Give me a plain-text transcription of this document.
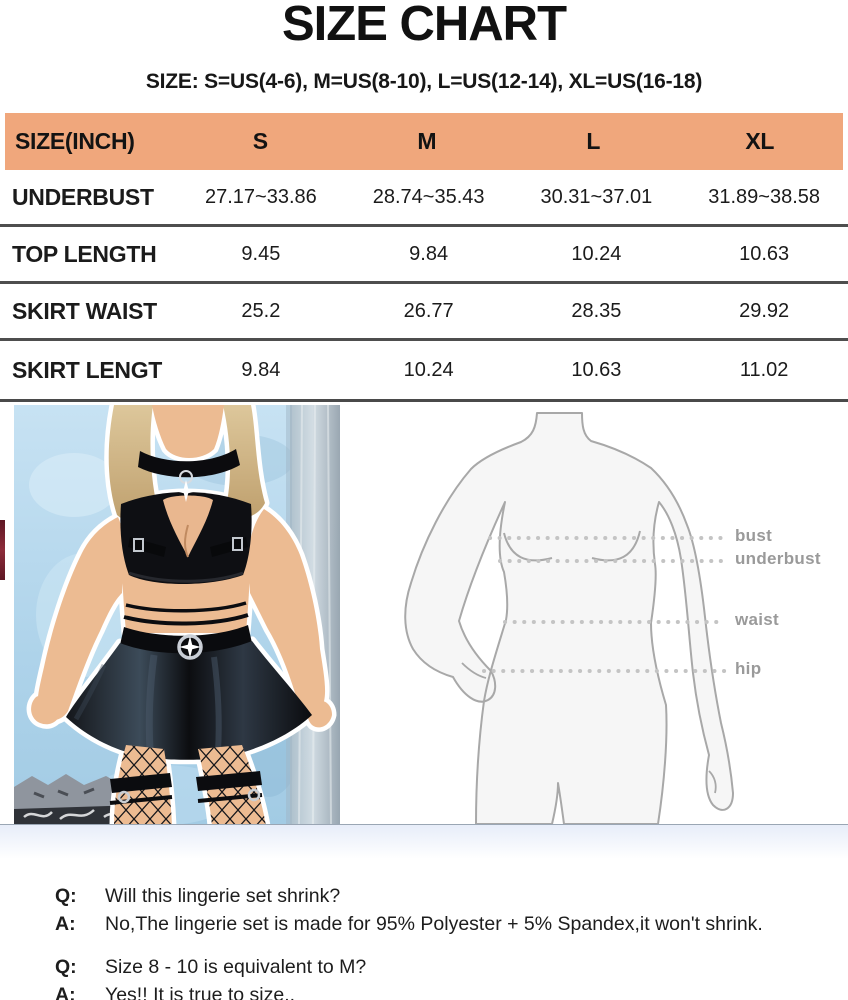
SIZE CHART
SIZE: S=US(4-6), M=US(8-10), L=US(12-14), XL=US(16-18)
SIZE(INCH)	S	M	L	XL
UNDERBUST	27.17~33.86	28.74~35.43	30.31~37.01	31.89~38.58
TOP LENGTH	9.45	9.84	10.24	10.63
SKIRT WAIST	25.2	26.77	28.35	29.92
SKIRT LENGT	9.84	10.24	10.63	11.02
bust
underbust
waist
hip
Q:	Will this lingerie set shrink?
A:	No,The lingerie set is made for 95% Polyester + 5% Spandex,it won't shrink.
Q:	Size 8 - 10 is equivalent to M?
A:	Yes!! It is true to size..
